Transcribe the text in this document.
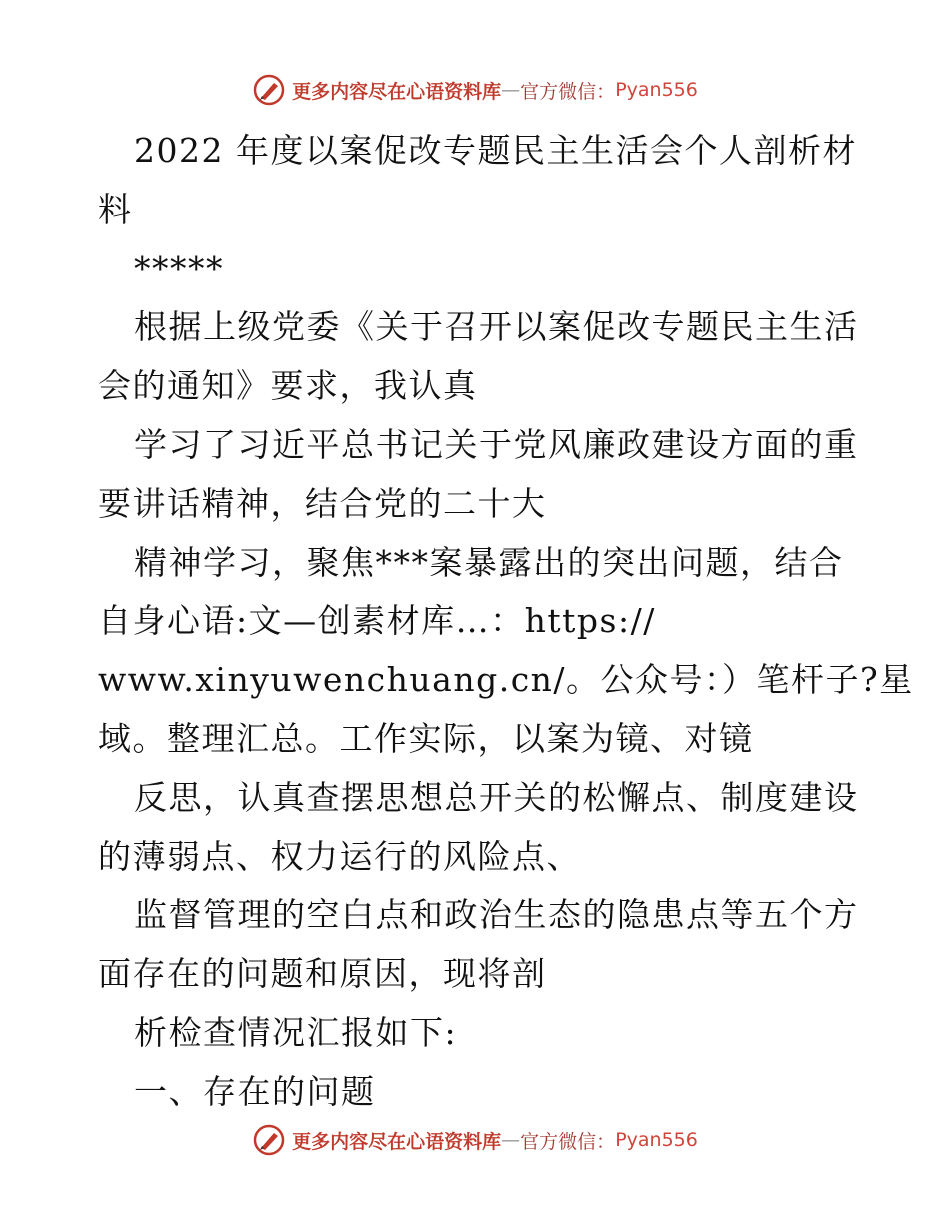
更多内容尽在心语资料库 — 官方微信： Pyan556
2022 年度以案促改专题民主生活会个人剖析材
料
*****
根据上级党委《关于召开以案促改专题民主生活
会的通知》要求，我认真
学习了习近平总书记关于党风廉政建设方面的重
要讲话精神，结合党的二十大
精神学习，聚焦***案暴露出的突出问题，结合
自身心语:文—创素材库…：https://
www.xinyuwenchuang.cn/。公众号：）笔杆子?星
域。整理汇总。工作实际，以案为镜、对镜
反思，认真查摆思想总开关的松懈点、制度建设
的薄弱点、权力运行的风险点、
监督管理的空白点和政治生态的隐患点等五个方
面存在的问题和原因，现将剖
析检查情况汇报如下:
一、存在的问题
更多内容尽在心语资料库 — 官方微信： Pyan556
